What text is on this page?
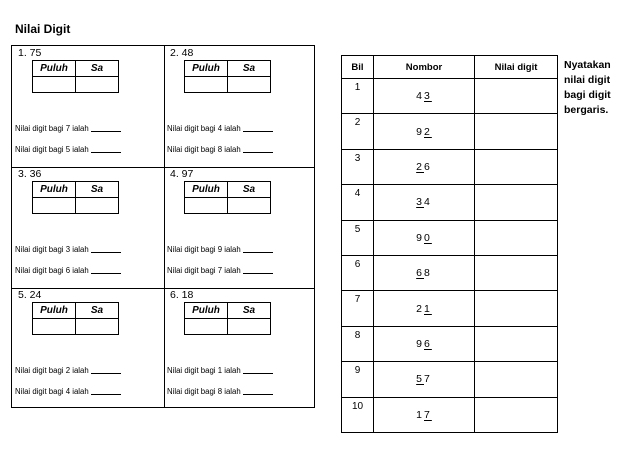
Nilai Digit
1. 75
Puluh	Sa

Nilai digit bagi 7 ialah
Nilai digit bagi 5 ialah
2. 48
Puluh	Sa

Nilai digit bagi 4 ialah
Nilai digit bagi 8 ialah
3. 36
Puluh	Sa

Nilai digit bagi 3 ialah
Nilai digit bagi 6 ialah
4. 97
Puluh	Sa

Nilai digit bagi 9 ialah
Nilai digit bagi 7 ialah
5. 24
Puluh	Sa

Nilai digit bagi 2 ialah
Nilai digit bagi 4 ialah
6. 18
Puluh	Sa

Nilai digit bagi 1 ialah
Nilai digit bagi 8 ialah
Bil	Nombor	Nilai digit
1	43	
2	92	
3	26	
4	34	
5	90	
6	68	
7	21	
8	96	
9	57	
10	17	
Nyatakan nilai digit bagi digit bergaris.
